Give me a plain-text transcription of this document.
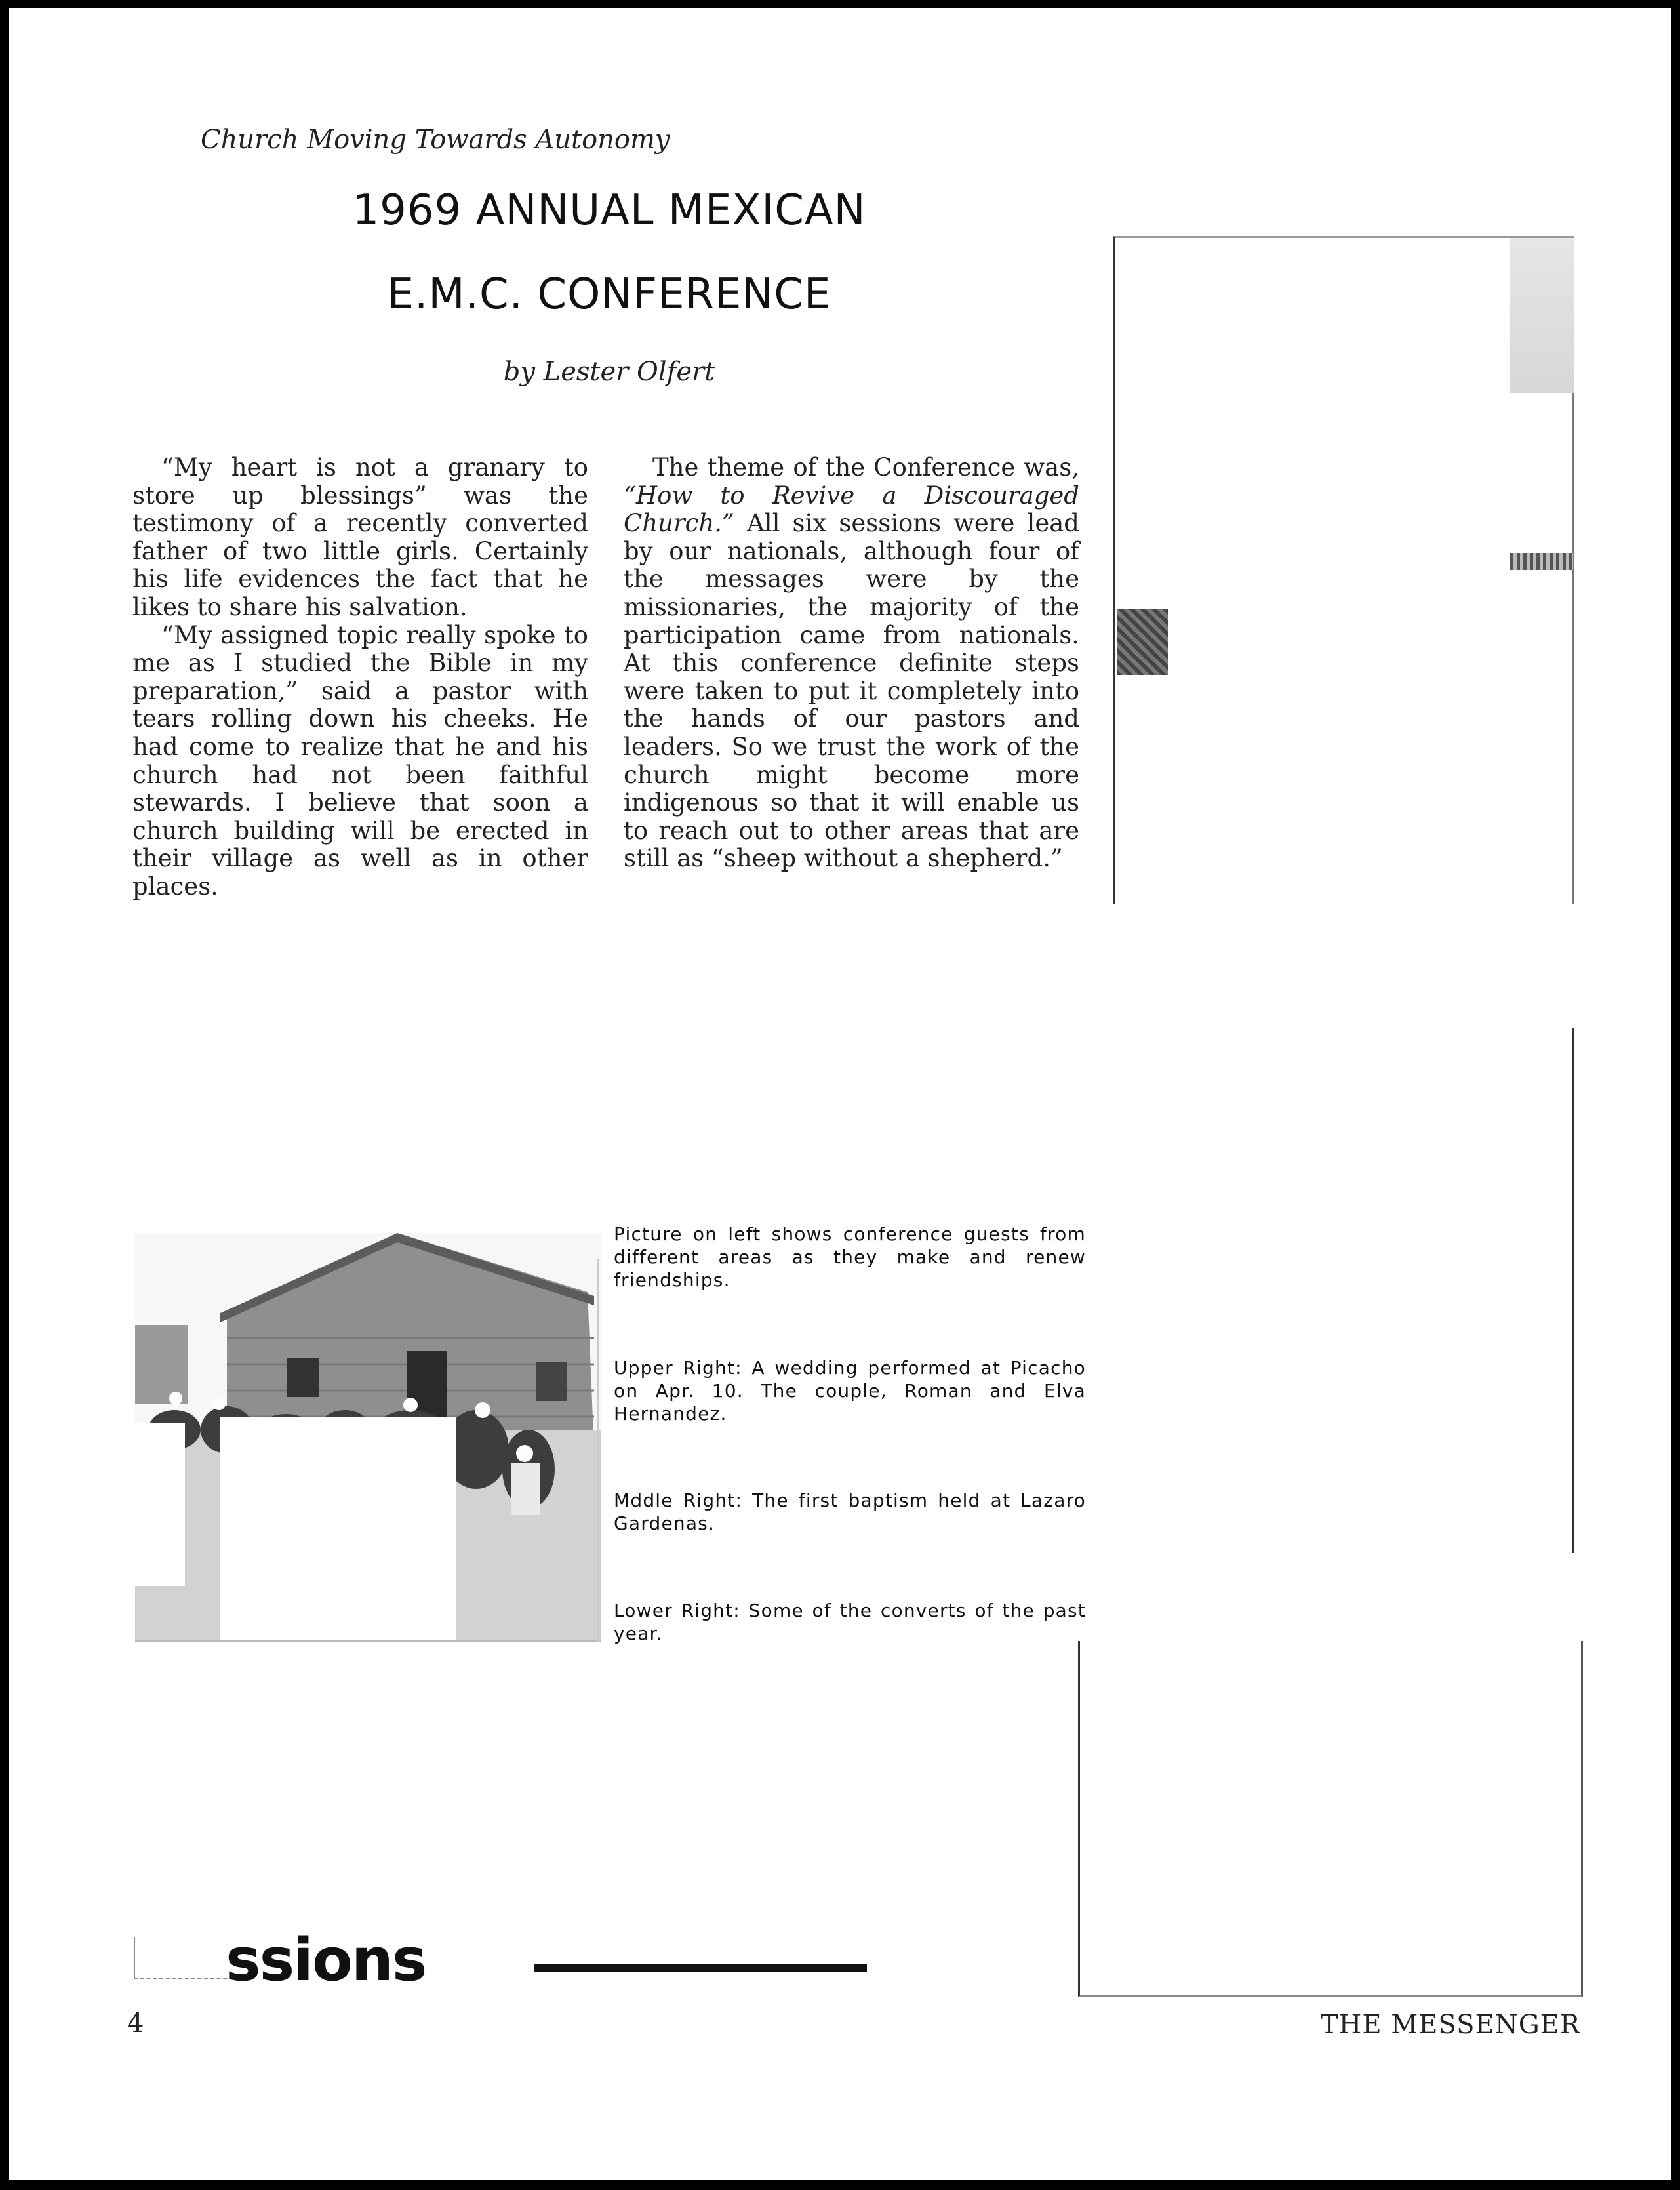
Church Moving Towards Autonomy
1969 ANNUAL MEXICAN
E.M.C. CONFERENCE
by Lester Olfert

“My heart is not a granary to store up blessings” was the testimony of a recently converted father of two little girls. Certainly his life evidences the fact that he likes to share his salvation.

“My assigned topic really spoke to me as I studied the Bible in my preparation,” said a pastor with tears rolling down his cheeks. He had come to realize that he and his church had not been faithful stewards. I believe that soon a church building will be erected in their village as well as in other places.

The theme of the Conference was, “How to Revive a Discouraged Church.” All six sessions were lead by our nationals, although four of the messages were by the missionaries, the majority of the participation came from nationals. At this conference definite steps were taken to put it completely into the hands of our pastors and leaders. So we trust the work of the church might become more indigenous so that it will enable us to reach out to other areas that are still as “sheep without a shepherd.”

Picture on left shows conference guests from different areas as they make and renew friendships.

Upper Right: A wedding performed at Picacho on Apr. 10. The couple, Roman and Elva Hernandez.

Mddle Right: The first baptism held at Lazaro Gardenas.

Lower Right: Some of the converts of the past year.

ssions
4	THE MESSENGER
